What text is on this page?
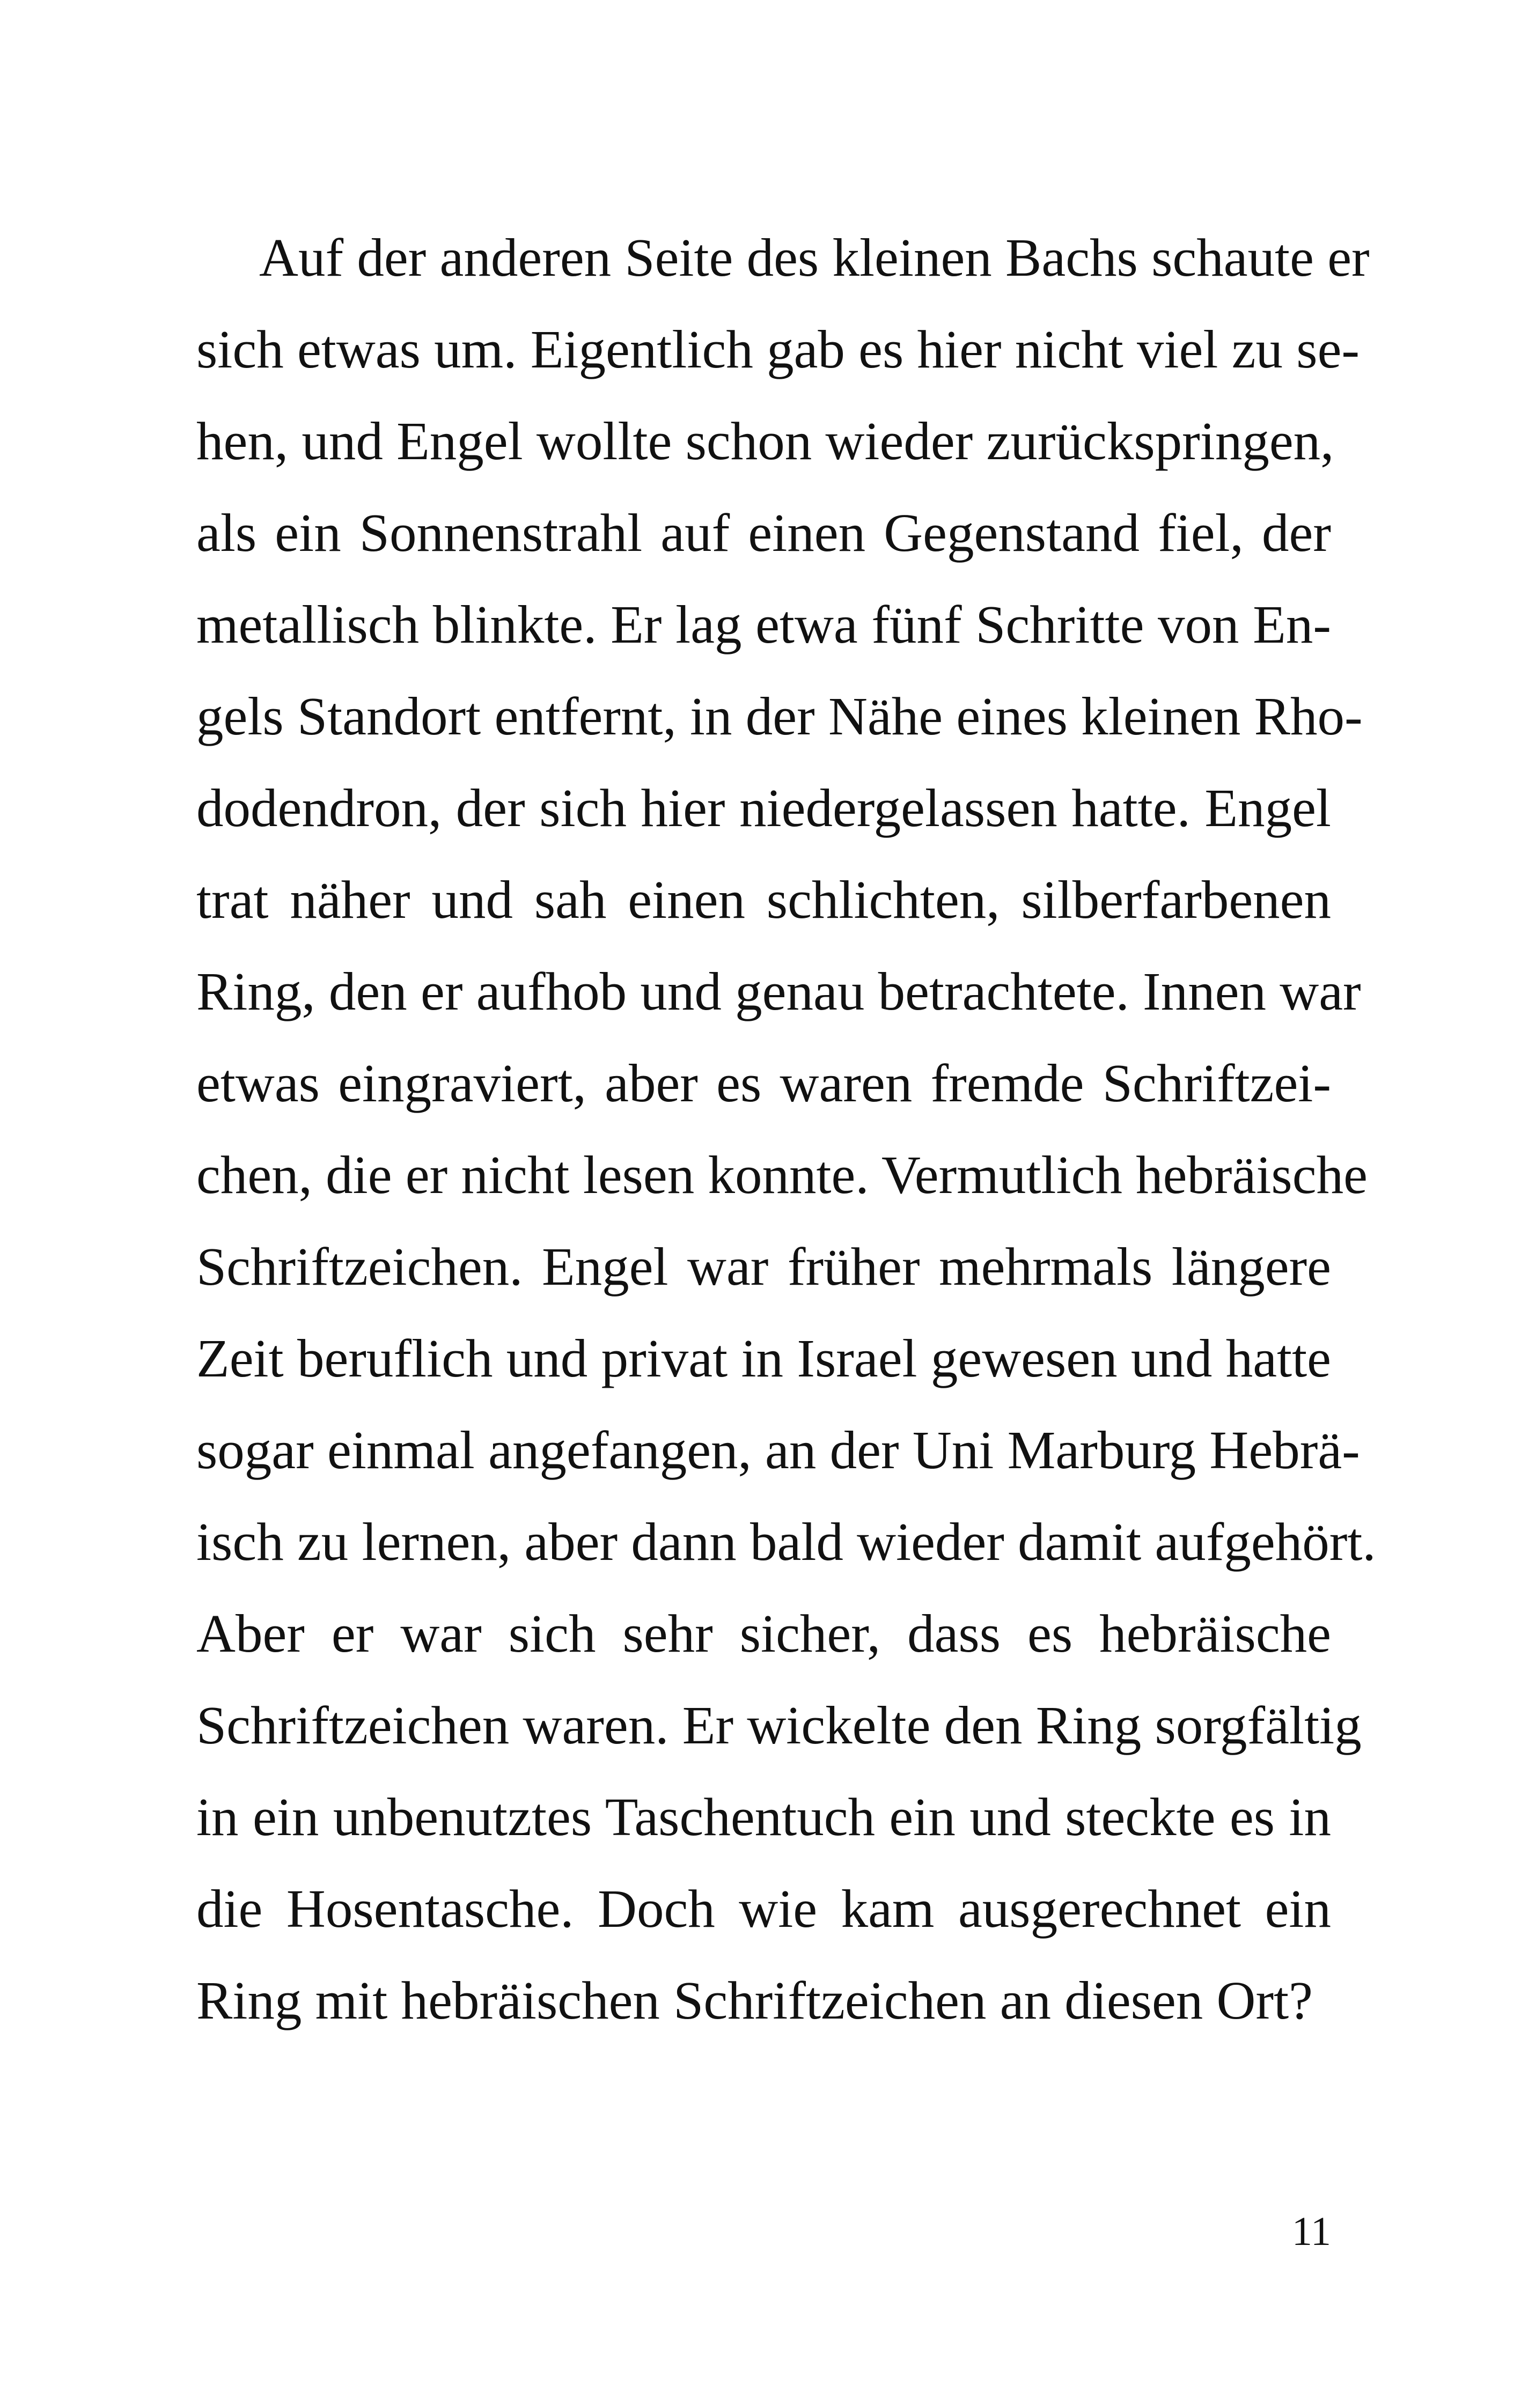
Auf der anderen Seite des kleinen Bachs schaute er
sich etwas um. Eigentlich gab es hier nicht viel zu se-
hen, und Engel wollte schon wieder zurückspringen,
als ein Sonnenstrahl auf einen Gegenstand fiel, der
metallisch blinkte. Er lag etwa fünf Schritte von En-
gels Standort entfernt, in der Nähe eines kleinen Rho-
dodendron, der sich hier niedergelassen hatte. Engel
trat näher und sah einen schlichten, silberfarbenen
Ring, den er aufhob und genau betrachtete. Innen war
etwas eingraviert, aber es waren fremde Schriftzei-
chen, die er nicht lesen konnte. Vermutlich hebräische
Schriftzeichen. Engel war früher mehrmals längere
Zeit beruflich und privat in Israel gewesen und hatte
sogar einmal angefangen, an der Uni Marburg Hebrä-
isch zu lernen, aber dann bald wieder damit aufgehört.
Aber er war sich sehr sicher, dass es hebräische
Schriftzeichen waren. Er wickelte den Ring sorgfältig
in ein unbenutztes Taschentuch ein und steckte es in
die Hosentasche. Doch wie kam ausgerechnet ein
Ring mit hebräischen Schriftzeichen an diesen Ort?
11
